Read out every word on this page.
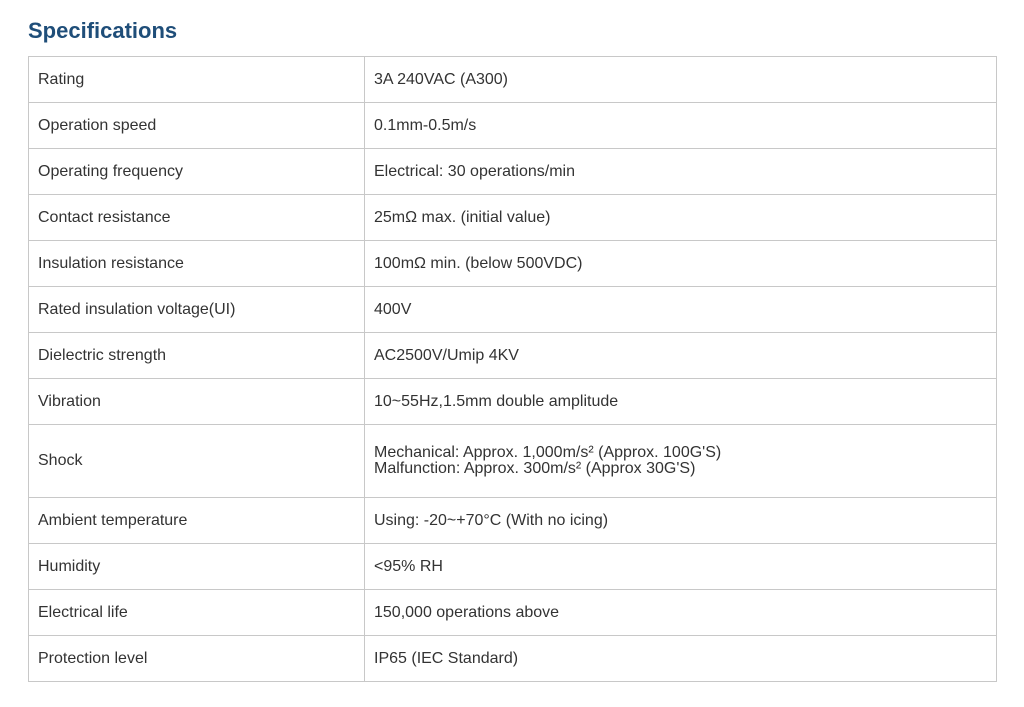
Specifications
Rating	3A 240VAC (A300)
Operation speed	0.1mm-0.5m/s
Operating frequency	Electrical: 30 operations/min
Contact resistance	25mΩ max. (initial value)
Insulation resistance	100mΩ min. (below 500VDC)
Rated insulation voltage(UI)	400V
Dielectric strength	AC2500V/Umip 4KV
Vibration	10~55Hz,1.5mm double amplitude
Shock	Mechanical: Approx. 1,000m/s² (Approx. 100G'S)
Malfunction: Approx. 300m/s² (Approx 30G'S)

Ambient temperature	Using: -20~+70°C (With no icing)
Humidity	<95% RH
Electrical life	150,000 operations above
Protection level	IP65 (IEC Standard)
